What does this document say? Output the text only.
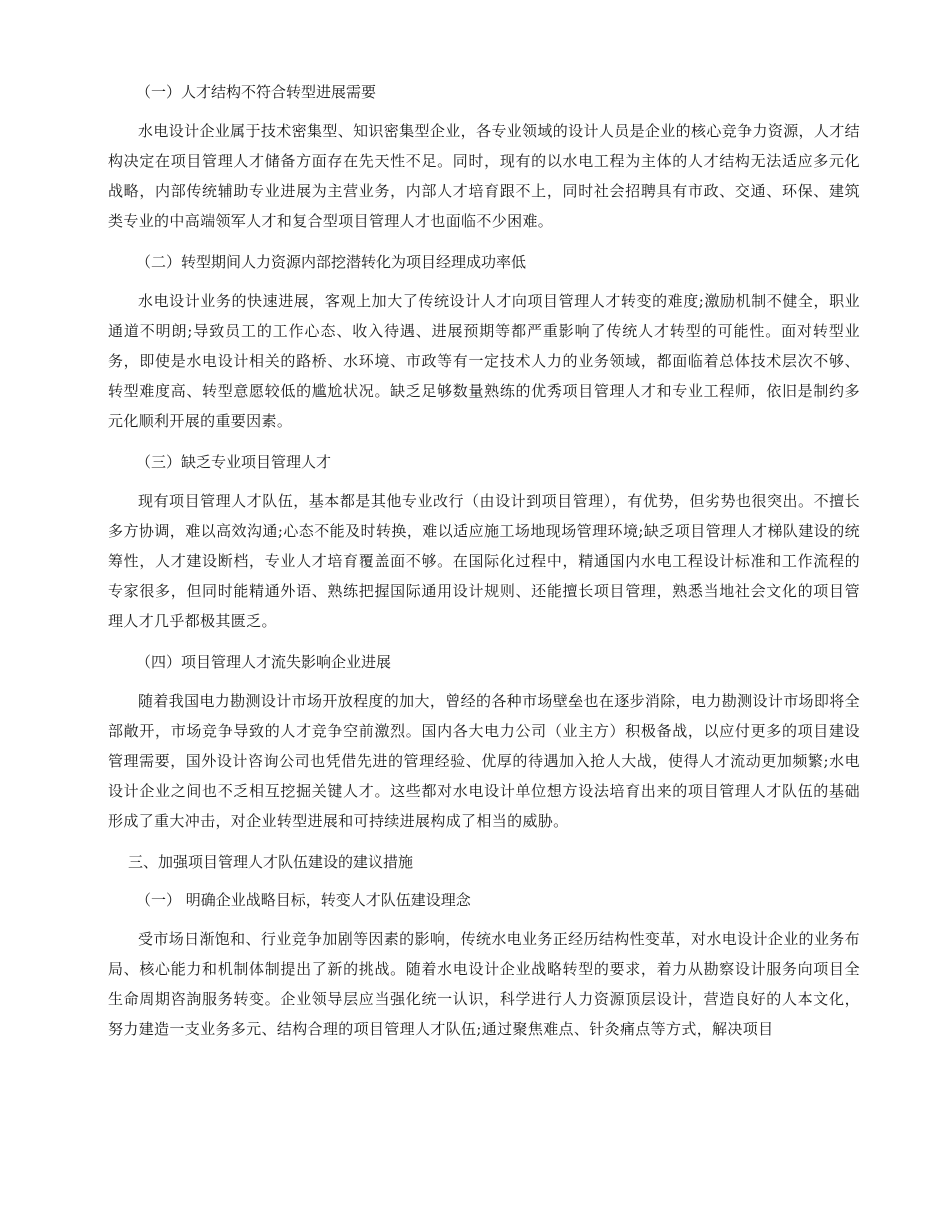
（一）人才结构不符合转型进展需要

水电设计企业属于技术密集型、知识密集型企业，各专业领域的设计人员是企业的核心竞争力资源，人才结构决定在项目管理人才储备方面存在先天性不足。同时，现有的以水电工程为主体的人才结构无法适应多元化战略，内部传统辅助专业进展为主营业务，内部人才培育跟不上，同时社会招聘具有市政、交通、环保、建筑类专业的中高端领军人才和复合型项目管理人才也面临不少困难。

（二）转型期间人力资源内部挖潜转化为项目经理成功率低

水电设计业务的快速进展，客观上加大了传统设计人才向项目管理人才转变的难度;激励机制不健全，职业通道不明朗;导致员工的工作心态、收入待遇、进展预期等都严重影响了传统人才转型的可能性。面对转型业务，即使是水电设计相关的路桥、水环境、市政等有一定技术人力的业务领域，都面临着总体技术层次不够、转型难度高、转型意愿较低的尴尬状况。缺乏足够数量熟练的优秀项目管理人才和专业工程师，依旧是制约多元化顺利开展的重要因素。

（三）缺乏专业项目管理人才

现有项目管理人才队伍，基本都是其他专业改行（由设计到项目管理），有优势，但劣势也很突出。不擅长多方协调，难以高效沟通;心态不能及时转换，难以适应施工场地现场管理环境;缺乏项目管理人才梯队建设的统筹性，人才建设断档，专业人才培育覆盖面不够。在国际化过程中，精通国内水电工程设计标准和工作流程的专家很多，但同时能精通外语、熟练把握国际通用设计规则、还能擅长项目管理，熟悉当地社会文化的项目管理人才几乎都极其匮乏。

（四）项目管理人才流失影响企业进展

随着我国电力勘测设计市场开放程度的加大，曾经的各种市场壁垒也在逐步消除，电力勘测设计市场即将全部敞开，市场竞争导致的人才竞争空前激烈。国内各大电力公司（业主方）积极备战，以应付更多的项目建设管理需要，国外设计咨询公司也凭借先进的管理经验、优厚的待遇加入抢人大战，使得人才流动更加频繁;水电设计企业之间也不乏相互挖掘关键人才。这些都对水电设计单位想方设法培育出来的项目管理人才队伍的基础形成了重大冲击，对企业转型进展和可持续进展构成了相当的威胁。

三、加强项目管理人才队伍建设的建议措施
（一） 明确企业战略目标，转变人才队伍建设理念

受市场日渐饱和、行业竞争加剧等因素的影响，传统水电业务正经历结构性变革，对水电设计企业的业务布局、核心能力和机制体制提出了新的挑战。随着水电设计企业战略转型的要求，着力从勘察设计服务向项目全生命周期咨詢服务转变。企业领导层应当强化统一认识，科学进行人力资源顶层设计，营造良好的人本文化，努力建造一支业务多元、结构合理的项目管理人才队伍;通过聚焦难点、针灸痛点等方式，解决项目
